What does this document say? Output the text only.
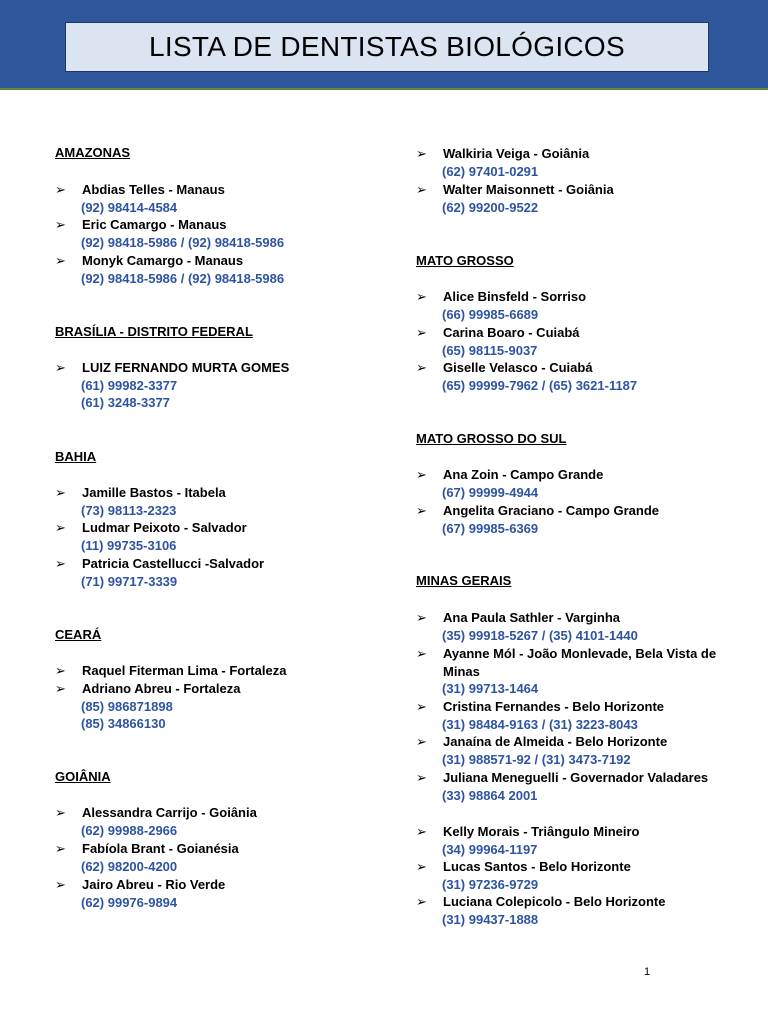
LISTA DE DENTISTAS BIOLÓGICOS
AMAZONAS
➢ Abdias Telles - Manaus
(92) 98414-4584
➢ Eric Camargo - Manaus
(92) 98418-5986 / (92) 98418-5986
➢ Monyk Camargo - Manaus
(92) 98418-5986 / (92) 98418-5986
BRASÍLIA - DISTRITO FEDERAL
➢ LUIZ FERNANDO MURTA GOMES
(61) 99982-3377
(61) 3248-3377
BAHIA
➢ Jamille Bastos - Itabela
(73) 98113-2323
➢ Ludmar Peixoto - Salvador
(11) 99735-3106
➢ Patricia Castellucci -Salvador
(71) 99717-3339
CEARÁ
➢ Raquel Fiterman Lima - Fortaleza
➢ Adriano Abreu - Fortaleza
(85) 986871898
(85) 34866130
GOIÂNIA
➢ Alessandra Carrijo - Goiânia
(62) 99988-2966
➢ Fabíola Brant - Goianésia
(62) 98200-4200
➢ Jairo Abreu - Rio Verde
(62) 99976-9894
➢ Walkiria Veiga - Goiânia
(62) 97401-0291
➢ Walter Maisonnett - Goiânia
(62) 99200-9522
MATO GROSSO
➢ Alice Binsfeld - Sorriso
(66) 99985-6689
➢ Carina Boaro - Cuiabá
(65) 98115-9037
➢ Giselle Velasco - Cuiabá
(65) 99999-7962 / (65) 3621-1187
MATO GROSSO DO SUL
➢ Ana Zoin - Campo Grande
(67) 99999-4944
➢ Angelita Graciano - Campo Grande
(67) 99985-6369
MINAS GERAIS
➢ Ana Paula Sathler - Varginha
(35) 99918-5267 / (35) 4101-1440
➢ Ayanne Mól - João Monlevade, Bela Vista de Minas
(31) 99713-1464
➢ Cristina Fernandes - Belo Horizonte
(31) 98484-9163 / (31) 3223-8043
➢ Janaína de Almeida - Belo Horizonte
(31) 988571-92 / (31) 3473-7192
➢ Juliana Meneguelli - Governador Valadares
(33) 98864 2001
➢ Kelly Morais - Triângulo Mineiro
(34) 99964-1197
➢ Lucas Santos - Belo Horizonte
(31) 97236-9729
➢ Luciana Colepicolo - Belo Horizonte
(31) 99437-1888
1
